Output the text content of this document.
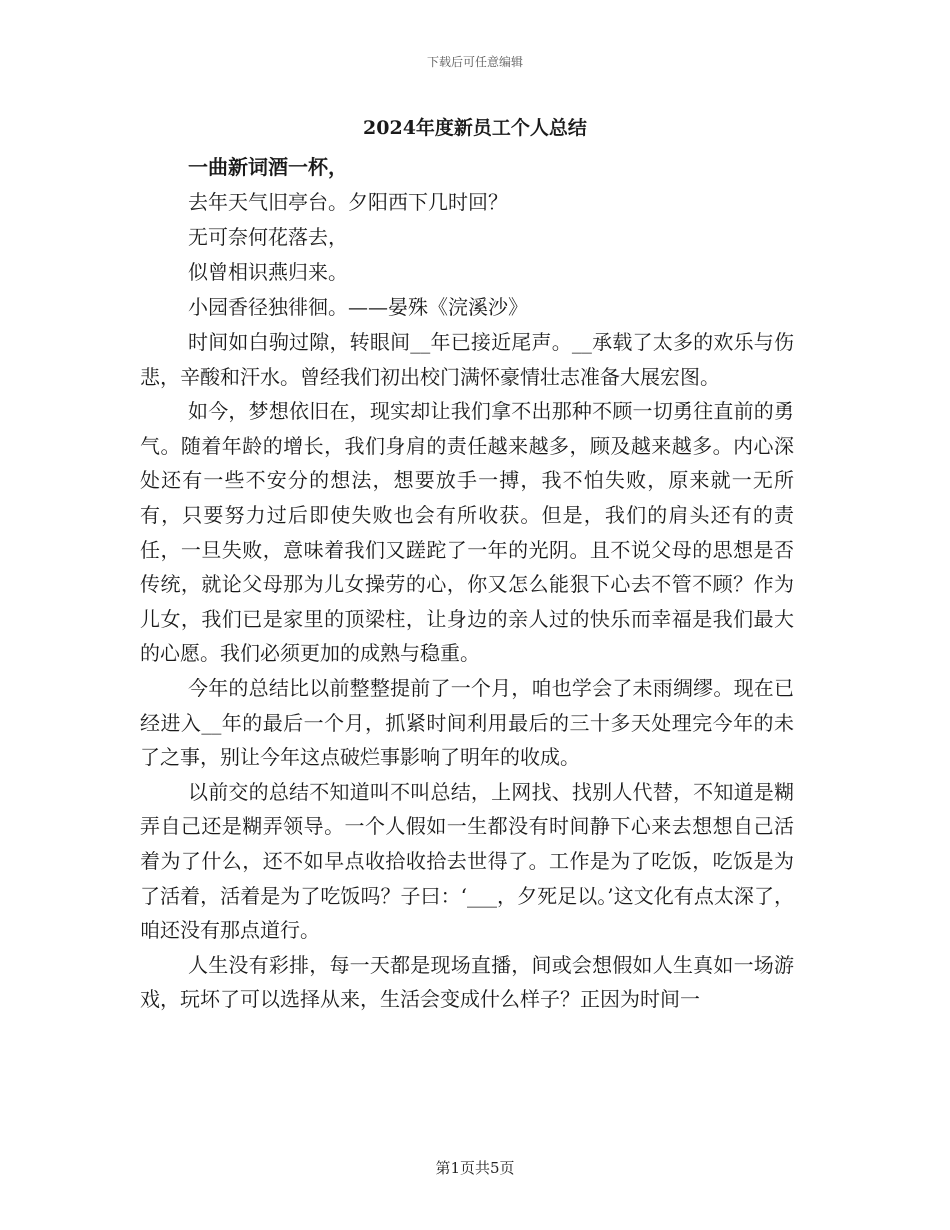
下载后可任意编辑

2024年度新员工个人总结

一曲新词酒一杯，

去年天气旧亭台。夕阳西下几时回？

无可奈何花落去，

似曾相识燕归来。

小园香径独徘徊。——晏殊《浣溪沙》

时间如白驹过隙，转眼间__年已接近尾声。__承载了太多的欢乐与伤悲，辛酸和汗水。曾经我们初出校门满怀豪情壮志准备大展宏图。

如今，梦想依旧在，现实却让我们拿不出那种不顾一切勇往直前的勇气。随着年龄的增长，我们身肩的责任越来越多，顾及越来越多。内心深处还有一些不安分的想法，想要放手一搏，我不怕失败，原来就一无所有，只要努力过后即使失败也会有所收获。但是，我们的肩头还有的责任，一旦失败，意味着我们又蹉跎了一年的光阴。且不说父母的思想是否传统，就论父母那为儿女操劳的心，你又怎么能狠下心去不管不顾？作为儿女，我们已是家里的顶梁柱，让身边的亲人过的快乐而幸福是我们最大的心愿。我们必须更加的成熟与稳重。

今年的总结比以前整整提前了一个月，咱也学会了未雨绸缪。现在已经进入__年的最后一个月，抓紧时间利用最后的三十多天处理完今年的未了之事，别让今年这点破烂事影响了明年的收成。

以前交的总结不知道叫不叫总结，上网找、找别人代替，不知道是糊弄自己还是糊弄领导。一个人假如一生都没有时间静下心来去想想自己活着为了什么，还不如早点收拾收拾去世得了。工作是为了吃饭，吃饭是为了活着，活着是为了吃饭吗？子曰：‘___，夕死足以。’这文化有点太深了，咱还没有那点道行。

人生没有彩排，每一天都是现场直播，间或会想假如人生真如一场游戏，玩坏了可以选择从来，生活会变成什么样子？正因为时间一

第1页共5页
